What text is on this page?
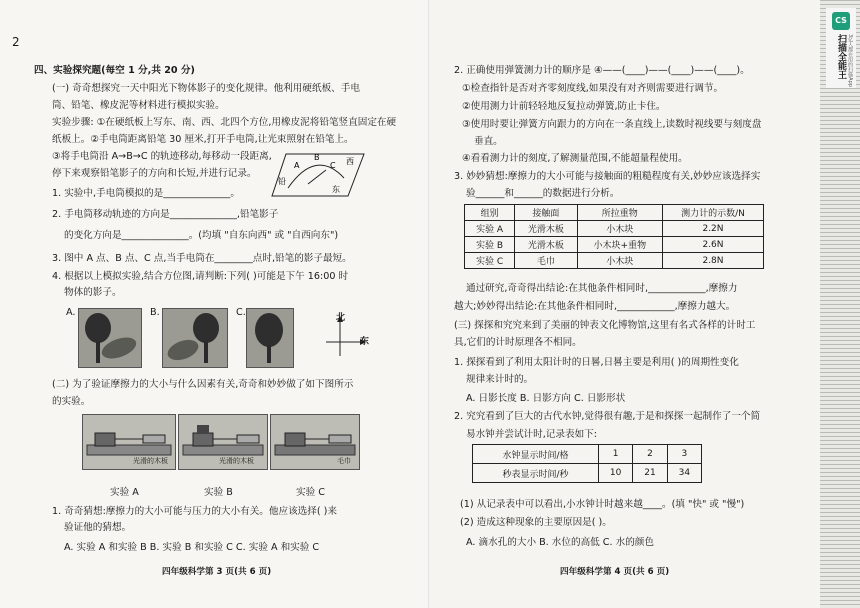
2
四、实验探究题(每空 1 分,共 20 分)
(一) 奇奇想探究一天中阳光下物体影子的变化规律。他利用硬纸板、手电
筒、铅笔、橡皮泥等材料进行模拟实验。
实验步骤: ①在硬纸板上写东、南、西、北四个方位,用橡皮泥将铅笔竖直固定在硬
纸板上。②手电筒距离铅笔 30 厘米,打开手电筒,让光束照射在铅笔上。
③将手电筒沿 A→B→C 的轨迹移动,每移动一段距离,
停下来观察铅笔影子的方向和长短,并进行记录。
西
C
B
A
铅
东
1. 实验中,手电筒模拟的是______________。
2. 手电筒移动轨迹的方向是______________,铅笔影子
的变化方向是______________。(均填 "自东向西" 或 "自西向东")
3. 图中 A 点、B 点、C 点,当手电筒在________点时,铅笔的影子最短。
4. 根据以上模拟实验,结合方位图,请判断:下列( )可能是下午 16:00 时
物体的影子。
A.	B.	C.	北
东
(二) 为了验证摩擦力的大小与什么因素有关,奇奇和妙妙做了如下图所示
的实验。
光滑的木板	光滑的木板	毛巾
实验 A	实验 B	实验 C
1. 奇奇猜想:摩擦力的大小可能与压力的大小有关。他应该选择( )来
验证他的猜想。
A. 实验 A 和实验 B B. 实验 B 和实验 C C. 实验 A 和实验 C
四年级科学第 3 页(共 6 页)
2. 正确使用弹簧测力计的顺序是 ④——(____)——(____)——(____)。
①检查指针是否对齐零刻度线,如果没有对齐则需要进行调节。
②使用测力计前轻轻地反复拉动弹簧,防止卡住。
③使用时要让弹簧方向跟力的方向在一条直线上,读数时视线要与刻度盘
垂直。
④看看测力计的刻度,了解测量范围,不能超量程使用。
3. 妙妙猜想:摩擦力的大小可能与接触面的粗糙程度有关,妙妙应该选择实
验______和______的数据进行分析。
组别	接触面	所拉重物	测力计的示数/N
实验 A	光滑木板	小木块	2.2N
实验 B	光滑木板	小木块+重物	2.6N
实验 C	毛巾	小木块	2.8N
通过研究,奇奇得出结论:在其他条件相同时,____________,摩擦力
越大;妙妙得出结论:在其他条件相同时,____________,摩擦力越大。
(三) 探探和究究来到了美丽的钟表文化博物馆,这里有名式各样的计时工
具,它们的计时原理各不相同。
1. 探探看到了利用太阳计时的日晷,日晷主要是利用( )的周期性变化
规律来计时的。
A. 日影长度 B. 日影方向 C. 日影形状
2. 究究看到了巨大的古代水钟,觉得很有趣,于是和探探一起制作了一个简
易水钟并尝试计时,记录表如下:
水钟显示时间/格	1	2	3
秒表显示时间/秒	10	21	34
(1) 从记录表中可以看出,小水钟计时越来越____。(填 "快" 或 "慢")
(2) 造成这种现象的主要原因是( )。
A. 滴水孔的大小 B. 水位的高低 C. 水的颜色
四年级科学第 4 页(共 6 页)
CS
扫描全能王 3亿人都在用的扫描App
